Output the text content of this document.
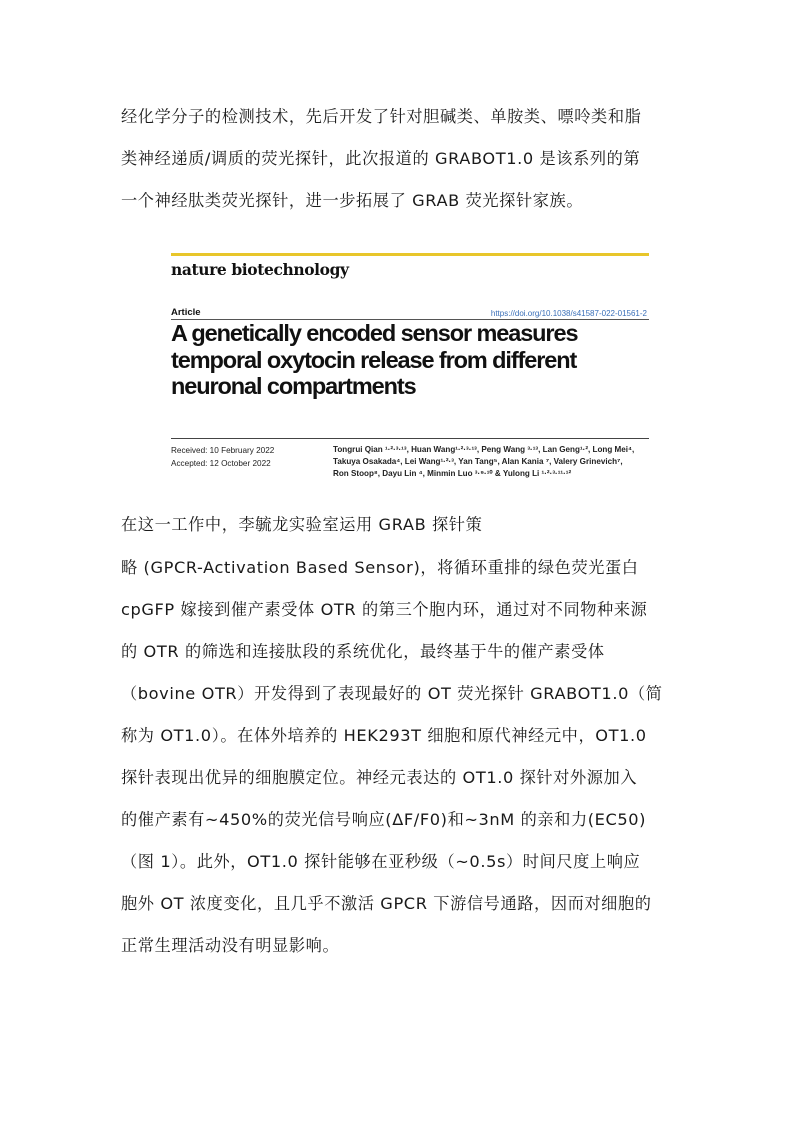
经化学分子的检测技术，先后开发了针对胆碱类、单胺类、嘌呤类和脂
类神经递质/调质的荧光探针，此次报道的 GRABOT1.0 是该系列的第
一个神经肽类荧光探针，进一步拓展了 GRAB 荧光探针家族。
nature biotechnology
Article	https://doi.org/10.1038/s41587-022-01561-2
A genetically encoded sensor measures
temporal oxytocin release from different
neuronal compartments
Received: 10 February 2022
Accepted: 12 October 2022
Tongrui Qian ¹·²·³·¹³, Huan Wang¹·²·³·¹³, Peng Wang ³·¹³, Lan Geng¹·², Long Mei⁴,
Takuya Osakada⁴, Lei Wang¹·²·³, Yan Tang⁵, Alan Kania ⁷, Valery Grinevich⁷,
Ron Stoop⁸, Dayu Lin ⁴, Minmin Luo ³·⁹·¹⁰ & Yulong Li ¹·²·³·¹¹·¹²
在这一工作中，李毓龙实验室运用 GRAB 探针策
略 (GPCR-Activation Based Sensor)，将循环重排的绿色荧光蛋白
cpGFP 嫁接到催产素受体 OTR 的第三个胞内环，通过对不同物种来源
的 OTR 的筛选和连接肽段的系统优化，最终基于牛的催产素受体
（bovine OTR）开发得到了表现最好的 OT 荧光探针 GRABOT1.0（简
称为 OT1.0）。在体外培养的 HEK293T 细胞和原代神经元中，OT1.0
探针表现出优异的细胞膜定位。神经元表达的 OT1.0 探针对外源加入
的催产素有~450%的荧光信号响应(ΔF/F0)和~3nM 的亲和力(EC50)
（图 1）。此外，OT1.0 探针能够在亚秒级（~0.5s）时间尺度上响应
胞外 OT 浓度变化，且几乎不激活 GPCR 下游信号通路，因而对细胞的
正常生理活动没有明显影响。
